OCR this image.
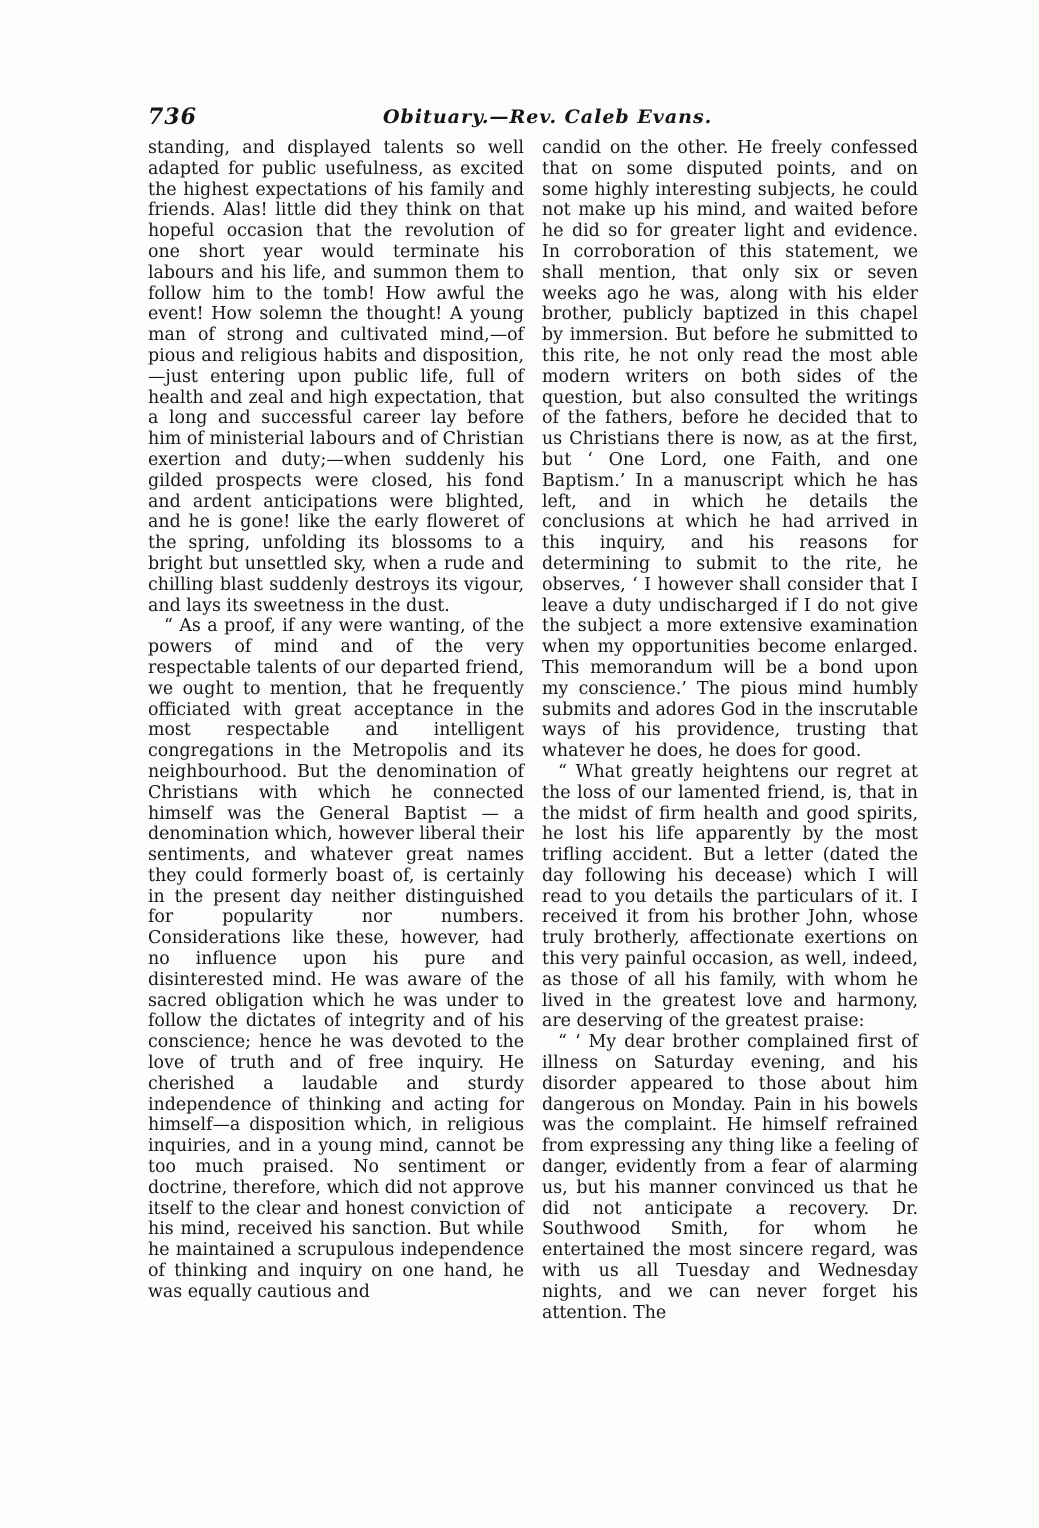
736	Obituary.—Rev. Caleb Evans.

standing, and displayed talents so well adapted for public usefulness, as excited the highest expectations of his family and friends. Alas! little did they think on that hopeful occasion that the revolution of one short year would terminate his labours and his life, and summon them to follow him to the tomb! How awful the event! How solemn the thought! A young man of strong and cultivated mind,—of pious and religious habits and disposition,—just entering upon public life, full of health and zeal and high expectation, that a long and successful career lay before him of ministerial labours and of Christian exertion and duty;—when suddenly his gilded prospects were closed, his fond and ardent anticipations were blighted, and he is gone! like the early floweret of the spring, unfolding its blossoms to a bright but unsettled sky, when a rude and chilling blast suddenly destroys its vigour, and lays its sweetness in the dust.

“ As a proof, if any were wanting, of the powers of mind and of the very respectable talents of our departed friend, we ought to mention, that he frequently officiated with great acceptance in the most respectable and intelligent congregations in the Metropolis and its neighbourhood. But the denomination of Christians with which he connected himself was the General Baptist — a denomination which, however liberal their sentiments, and whatever great names they could formerly boast of, is certainly in the present day neither distinguished for popularity nor numbers. Considerations like these, however, had no influence upon his pure and disinterested mind. He was aware of the sacred obligation which he was under to follow the dictates of integrity and of his conscience; hence he was devoted to the love of truth and of free inquiry. He cherished a laudable and sturdy independence of thinking and acting for himself—a disposition which, in religious inquiries, and in a young mind, cannot be too much praised. No sentiment or doctrine, therefore, which did not approve itself to the clear and honest conviction of his mind, received his sanction. But while he maintained a scrupulous independence of thinking and inquiry on one hand, he was equally cautious and

candid on the other. He freely confessed that on some disputed points, and on some highly interesting subjects, he could not make up his mind, and waited before he did so for greater light and evidence. In corroboration of this statement, we shall mention, that only six or seven weeks ago he was, along with his elder brother, publicly baptized in this chapel by immersion. But before he submitted to this rite, he not only read the most able modern writers on both sides of the question, but also consulted the writings of the fathers, before he decided that to us Christians there is now, as at the first, but ‘ One Lord, one Faith, and one Baptism.’ In a manuscript which he has left, and in which he details the conclusions at which he had arrived in this inquiry, and his reasons for determining to submit to the rite, he observes, ‘ I however shall consider that I leave a duty undischarged if I do not give the subject a more extensive examination when my opportunities become enlarged. This memorandum will be a bond upon my conscience.’ The pious mind humbly submits and adores God in the inscrutable ways of his providence, trusting that whatever he does, he does for good.

“ What greatly heightens our regret at the loss of our lamented friend, is, that in the midst of firm health and good spirits, he lost his life apparently by the most trifling accident. But a letter (dated the day following his decease) which I will read to you details the particulars of it. I received it from his brother John, whose truly brotherly, affectionate exertions on this very painful occasion, as well, indeed, as those of all his family, with whom he lived in the greatest love and harmony, are deserving of the greatest praise:

“ ‘ My dear brother complained first of illness on Saturday evening, and his disorder appeared to those about him dangerous on Monday. Pain in his bowels was the complaint. He himself refrained from expressing any thing like a feeling of danger, evidently from a fear of alarming us, but his manner convinced us that he did not anticipate a recovery. Dr. Southwood Smith, for whom he entertained the most sincere regard, was with us all Tuesday and Wednesday nights, and we can never forget his attention. The
